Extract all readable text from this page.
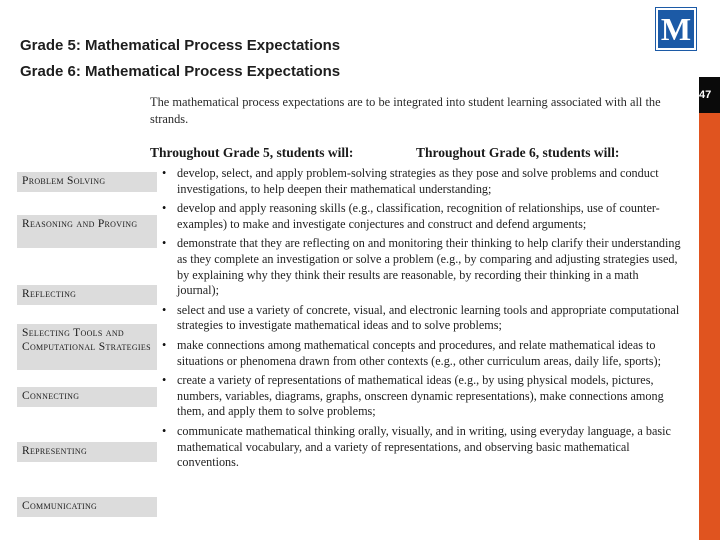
Grade 5: Mathematical Process Expectations
Grade 6: Mathematical Process Expectations
M
47
The mathematical process expectations are to be integrated into student learning associated with all the strands.
Throughout Grade 5, students will:	Throughout Grade 6, students will:
Problem Solving
Reasoning and Proving
Reflecting
Selecting Tools and Computational Strategies
Connecting
Representing
Communicating
• develop, select, and apply problem-solving strategies as they pose and solve problems and conduct investigations, to help deepen their mathematical understanding;
• develop and apply reasoning skills (e.g., classification, recognition of relationships, use of counter-examples) to make and investigate conjectures and construct and defend arguments;
• demonstrate that they are reflecting on and monitoring their thinking to help clarify their understanding as they complete an investigation or solve a problem (e.g., by comparing and adjusting strategies used, by explaining why they think their results are reasonable, by recording their thinking in a math journal);
• select and use a variety of concrete, visual, and electronic learning tools and appropriate computational strategies to investigate mathematical ideas and to solve problems;
• make connections among mathematical concepts and procedures, and relate mathematical ideas to situations or phenomena drawn from other contexts (e.g., other curriculum areas, daily life, sports);
• create a variety of representations of mathematical ideas (e.g., by using physical models, pictures, numbers, variables, diagrams, graphs, onscreen dynamic representations), make connections among them, and apply them to solve problems;
• communicate mathematical thinking orally, visually, and in writing, using everyday language, a basic mathematical vocabulary, and a variety of representations, and observing basic mathematical conventions.
